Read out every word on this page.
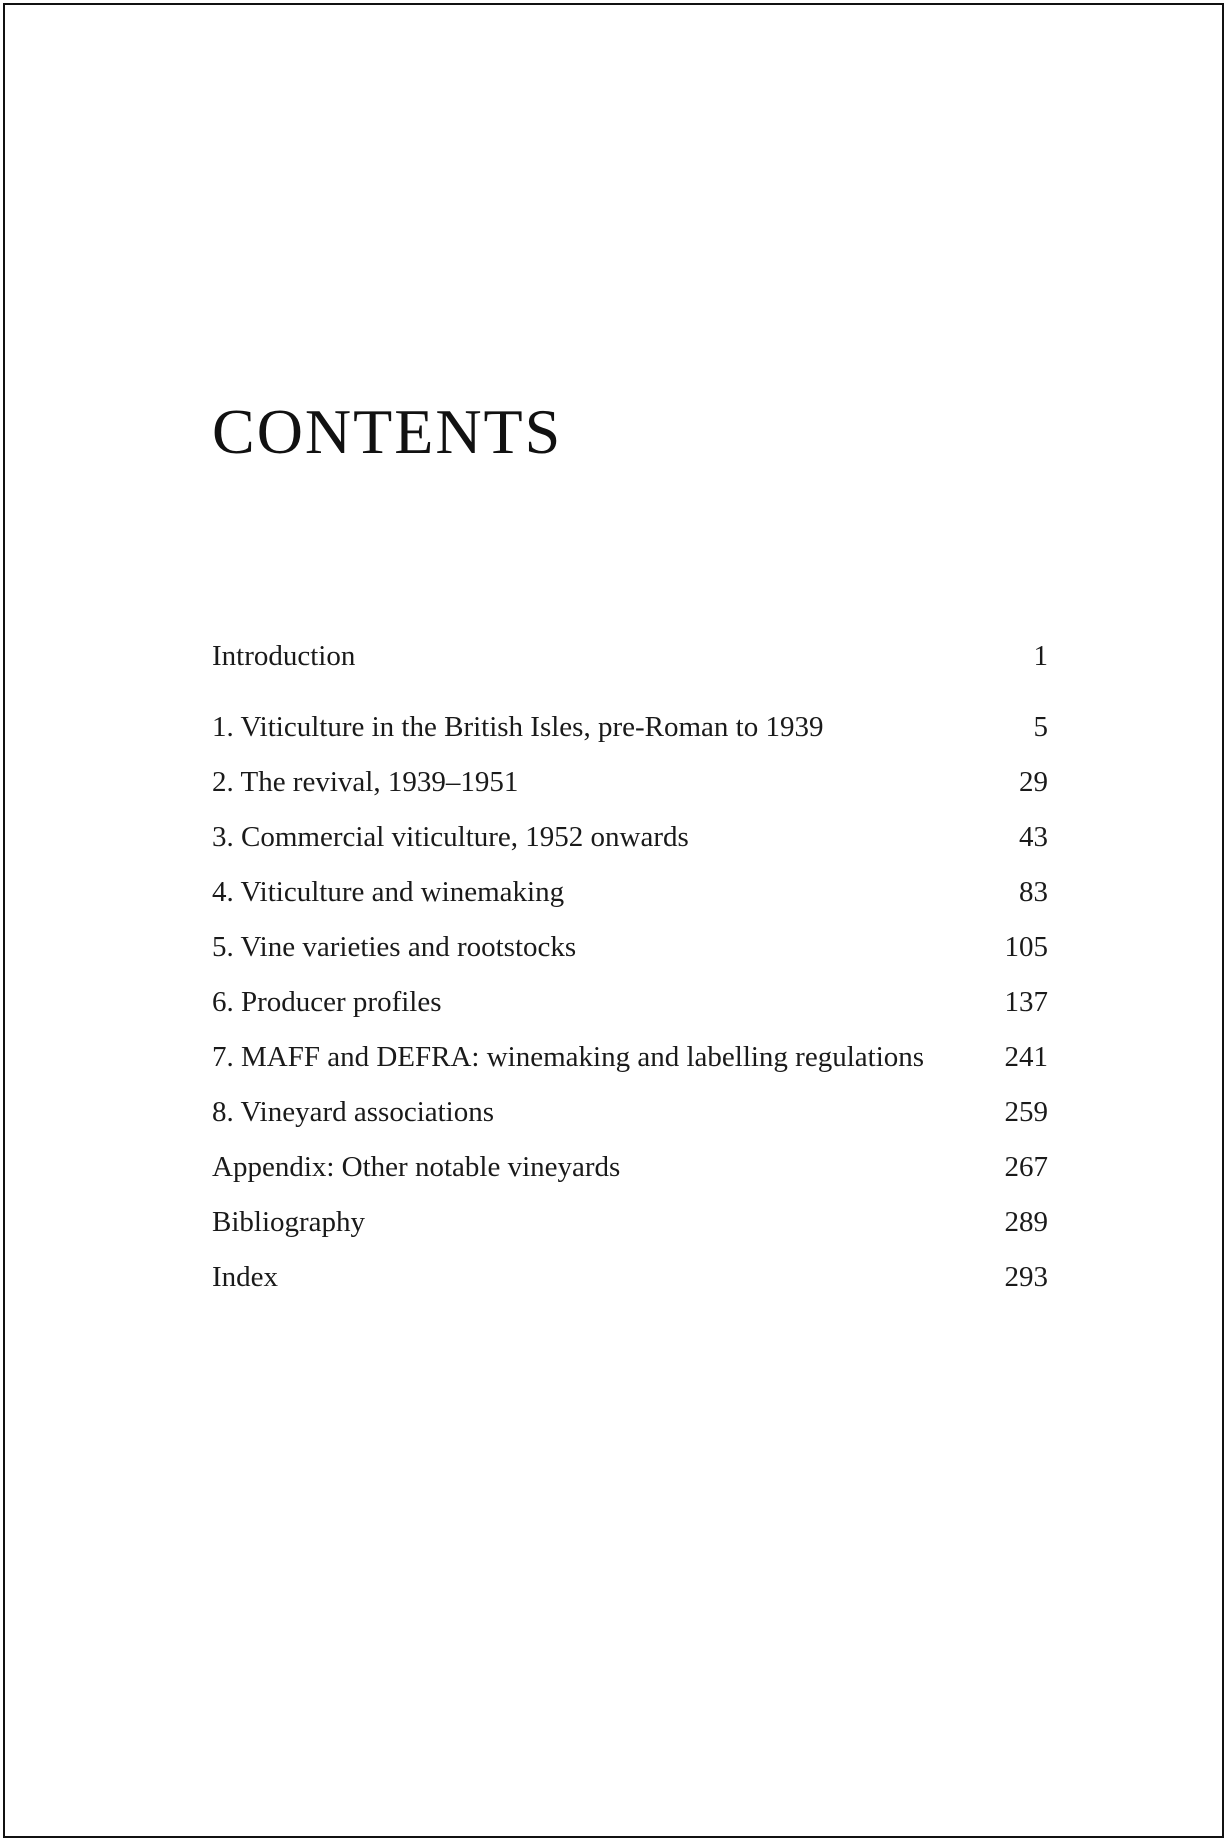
CONTENTS
Introduction	1
1. Viticulture in the British Isles, pre-Roman to 1939	5
2. The revival, 1939–1951	29
3. Commercial viticulture, 1952 onwards	43
4. Viticulture and winemaking	83
5. Vine varieties and rootstocks	105
6. Producer profiles	137
7. MAFF and DEFRA: winemaking and labelling regulations	241
8. Vineyard associations	259
Appendix: Other notable vineyards	267
Bibliography	289
Index	293
